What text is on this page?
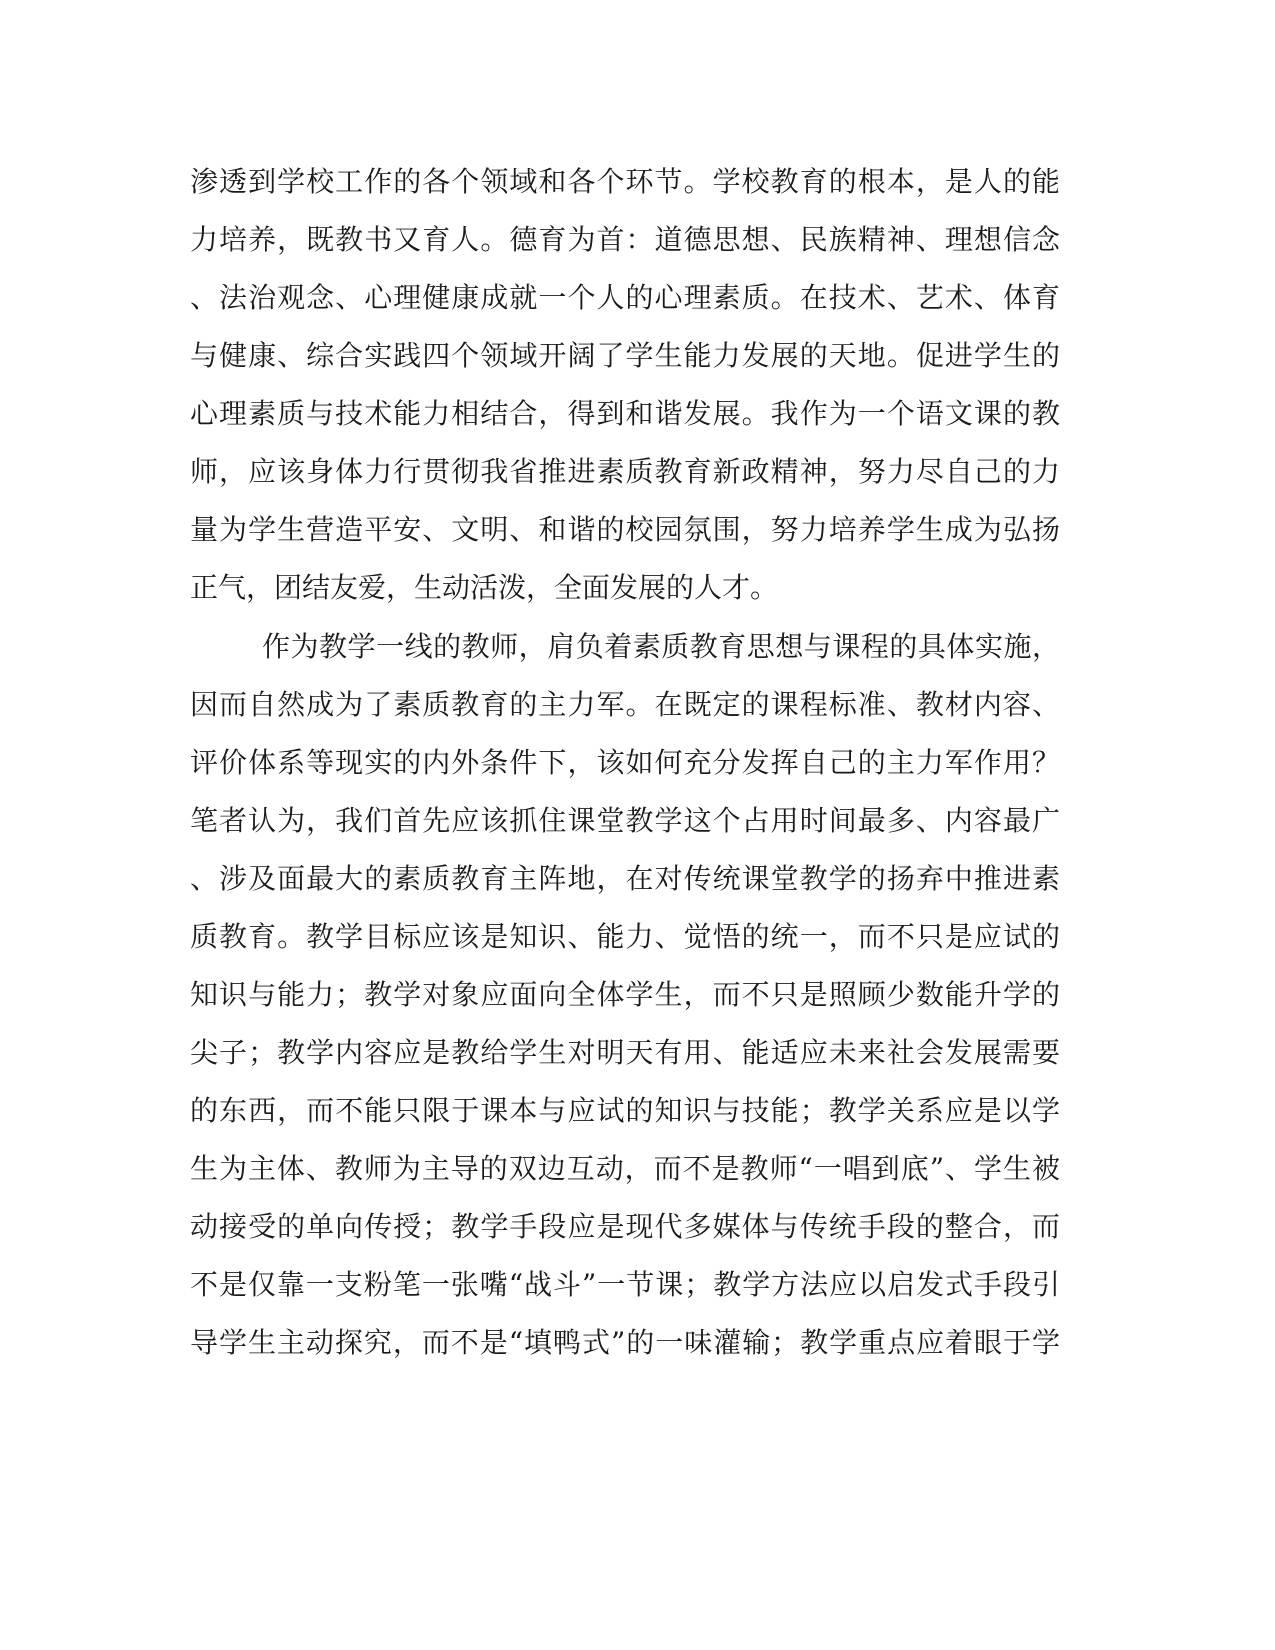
渗透到学校工作的各个领域和各个环节。学校教育的根本，是人的能
力培养，既教书又育人。德育为首：道德思想、民族精神、理想信念
、法治观念、心理健康成就一个人的心理素质。在技术、艺术、体育
与健康、综合实践四个领域开阔了学生能力发展的天地。促进学生的
心理素质与技术能力相结合，得到和谐发展。我作为一个语文课的教
师，应该身体力行贯彻我省推进素质教育新政精神，努力尽自己的力
量为学生营造平安、文明、和谐的校园氛围，努力培养学生成为弘扬
正气，团结友爱，生动活泼，全面发展的人才。
作为教学一线的教师，肩负着素质教育思想与课程的具体实施，
因而自然成为了素质教育的主力军。在既定的课程标准、教材内容、
评价体系等现实的内外条件下，该如何充分发挥自己的主力军作用？
笔者认为，我们首先应该抓住课堂教学这个占用时间最多、内容最广
、涉及面最大的素质教育主阵地，在对传统课堂教学的扬弃中推进素
质教育。教学目标应该是知识、能力、觉悟的统一，而不只是应试的
知识与能力；教学对象应面向全体学生，而不只是照顾少数能升学的
尖子；教学内容应是教给学生对明天有用、能适应未来社会发展需要
的东西，而不能只限于课本与应试的知识与技能；教学关系应是以学
生为主体、教师为主导的双边互动，而不是教师“一唱到底”、学生被
动接受的单向传授；教学手段应是现代多媒体与传统手段的整合，而
不是仅靠一支粉笔一张嘴“战斗”一节课；教学方法应以启发式手段引
导学生主动探究，而不是“填鸭式”的一味灌输；教学重点应着眼于学
